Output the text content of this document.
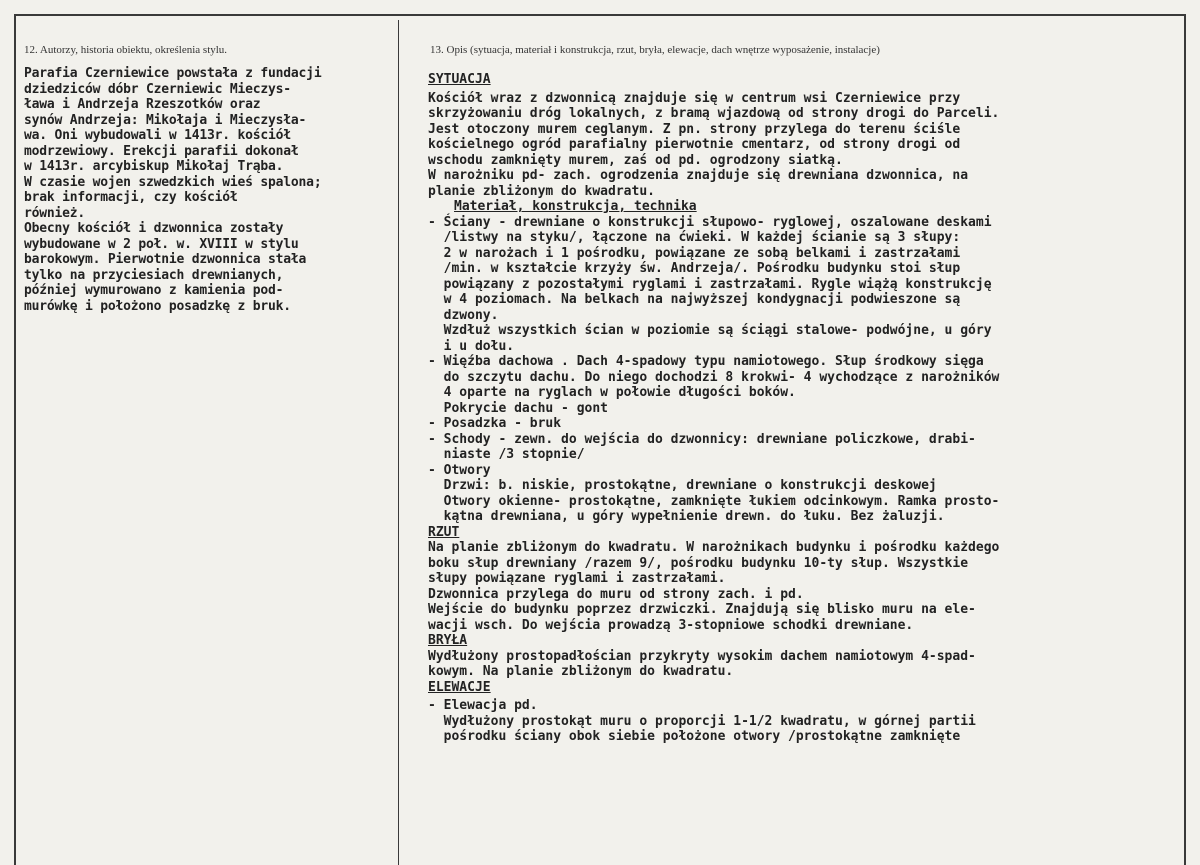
12. Autorzy, historia obiektu, określenia stylu.	13. Opis (sytuacja, materiał i konstrukcja, rzut, bryła, elewacje, dach wnętrze wyposażenie, instalacje)
Parafia Czerniewice powstała z fundacji
dziedziców dóbr Czerniewic Mieczys-
ława i Andrzeja Rzeszotków oraz
synów Andrzeja: Mikołaja i Mieczysła-
wa. Oni wybudowali w 1413r. kościół
modrzewiowy. Erekcji parafii dokonał
w 1413r. arcybiskup Mikołaj Trąba.
W czasie wojen szwedzkich wieś spalona;
brak informacji, czy kościół
również.
Obecny kościół i dzwonnica zostały
wybudowane w 2 poł. w. XVIII w stylu
barokowym. Pierwotnie dzwonnica stała
tylko na przyciesiach drewnianych,
później wymurowano z kamienia pod-
murówkę i położono posadzkę z bruk.
SYTUACJA
Kościół wraz z dzwonnicą znajduje się w centrum wsi Czerniewice przy
skrzyżowaniu dróg lokalnych, z bramą wjazdową od strony drogi do Parceli.
Jest otoczony murem ceglanym. Z pn. strony przylega do terenu ściśle
kościelnego ogród parafialny pierwotnie cmentarz, od strony drogi od
wschodu zamknięty murem, zaś od pd. ogrodzony siatką.
W narożniku pd- zach. ogrodzenia znajduje się drewniana dzwonnica, na
planie zbliżonym do kwadratu.
Materiał, konstrukcja, technika
- Ściany - drewniane o konstrukcji słupowo- ryglowej, oszalowane deskami
/listwy na styku/, łączone na ćwieki. W każdej ścianie są 3 słupy:
2 w narożach i 1 pośrodku, powiązane ze sobą belkami i zastrzałami
/min. w kształcie krzyży św. Andrzeja/. Pośrodku budynku stoi słup
powiązany z pozostałymi ryglami i zastrzałami. Rygle wiążą konstrukcję
w 4 poziomach. Na belkach na najwyższej kondygnacji podwieszone są
dzwony.
Wzdłuż wszystkich ścian w poziomie są ściągi stalowe- podwójne, u góry
i u dołu.
- Więźba dachowa . Dach 4-spadowy typu namiotowego. Słup środkowy sięga
do szczytu dachu. Do niego dochodzi 8 krokwi- 4 wychodzące z narożników
4 oparte na ryglach w połowie długości boków.
Pokrycie dachu - gont
- Posadzka - bruk
- Schody - zewn. do wejścia do dzwonnicy: drewniane policzkowe, drabi-
niaste /3 stopnie/
- Otwory
Drzwi: b. niskie, prostokątne, drewniane o konstrukcji deskowej
Otwory okienne- prostokątne, zamknięte łukiem odcinkowym. Ramka prosto-
kątna drewniana, u góry wypełnienie drewn. do łuku. Bez żaluzji.
RZUT
Na planie zbliżonym do kwadratu. W narożnikach budynku i pośrodku każdego
boku słup drewniany /razem 9/, pośrodku budynku 10-ty słup. Wszystkie
słupy powiązane ryglami i zastrzałami.
Dzwonnica przylega do muru od strony zach. i pd.
Wejście do budynku poprzez drzwiczki. Znajdują się blisko muru na ele-
wacji wsch. Do wejścia prowadzą 3-stopniowe schodki drewniane.
BRYŁA
Wydłużony prostopadłościan przykryty wysokim dachem namiotowym 4-spad-
kowym. Na planie zbliżonym do kwadratu.
ELEWACJE
- Elewacja pd.
Wydłużony prostokąt muru o proporcji 1-1/2 kwadratu, w górnej partii
pośrodku ściany obok siebie położone otwory /prostokątne zamknięte
